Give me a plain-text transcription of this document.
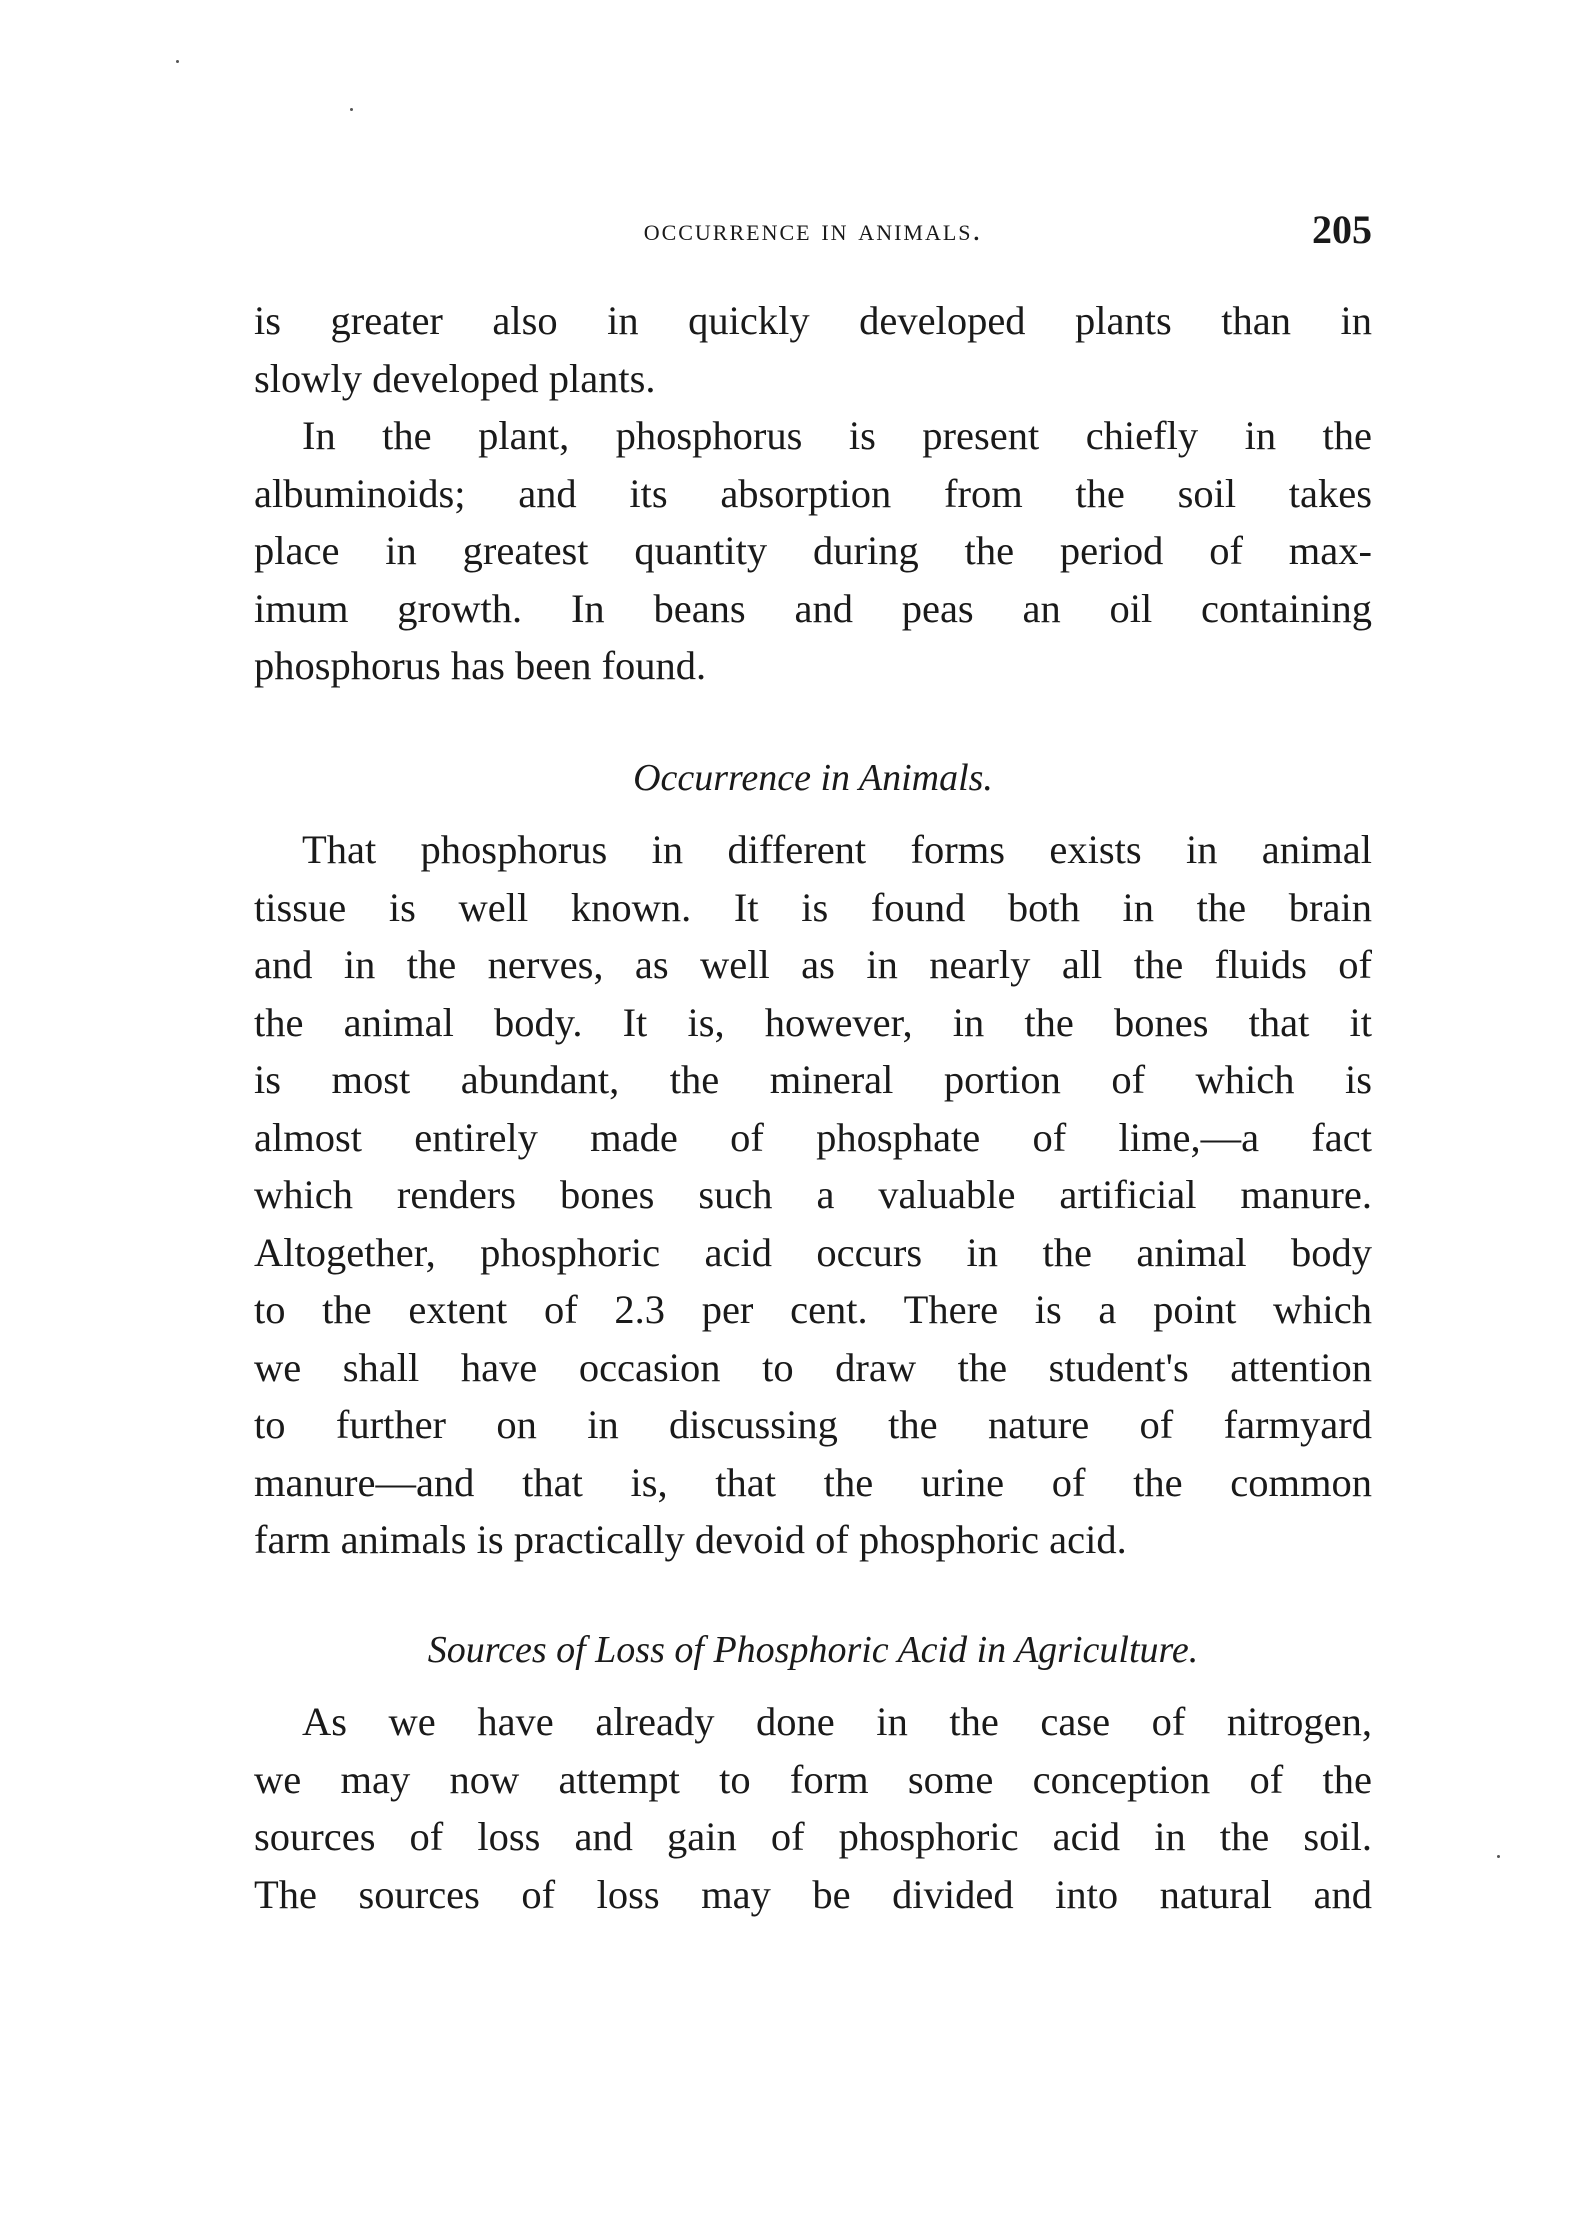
occurrence in animals.	205

is greater also in quickly developed plants than in
slowly developed plants.

In the plant, phosphorus is present chiefly in the
albuminoids; and its absorption from the soil takes
place in greatest quantity during the period of max-
imum growth. In beans and peas an oil containing
phosphorus has been found.

Occurrence in Animals.

That phosphorus in different forms exists in animal
tissue is well known. It is found both in the brain
and in the nerves, as well as in nearly all the fluids of
the animal body. It is, however, in the bones that it
is most abundant, the mineral portion of which is
almost entirely made of phosphate of lime,—a fact
which renders bones such a valuable artificial manure.
Altogether, phosphoric acid occurs in the animal body
to the extent of 2.3 per cent. There is a point which
we shall have occasion to draw the student's attention
to further on in discussing the nature of farmyard
manure—and that is, that the urine of the common
farm animals is practically devoid of phosphoric acid.

Sources of Loss of Phosphoric Acid in Agriculture.

As we have already done in the case of nitrogen,
we may now attempt to form some conception of the
sources of loss and gain of phosphoric acid in the soil.
The sources of loss may be divided into natural and
